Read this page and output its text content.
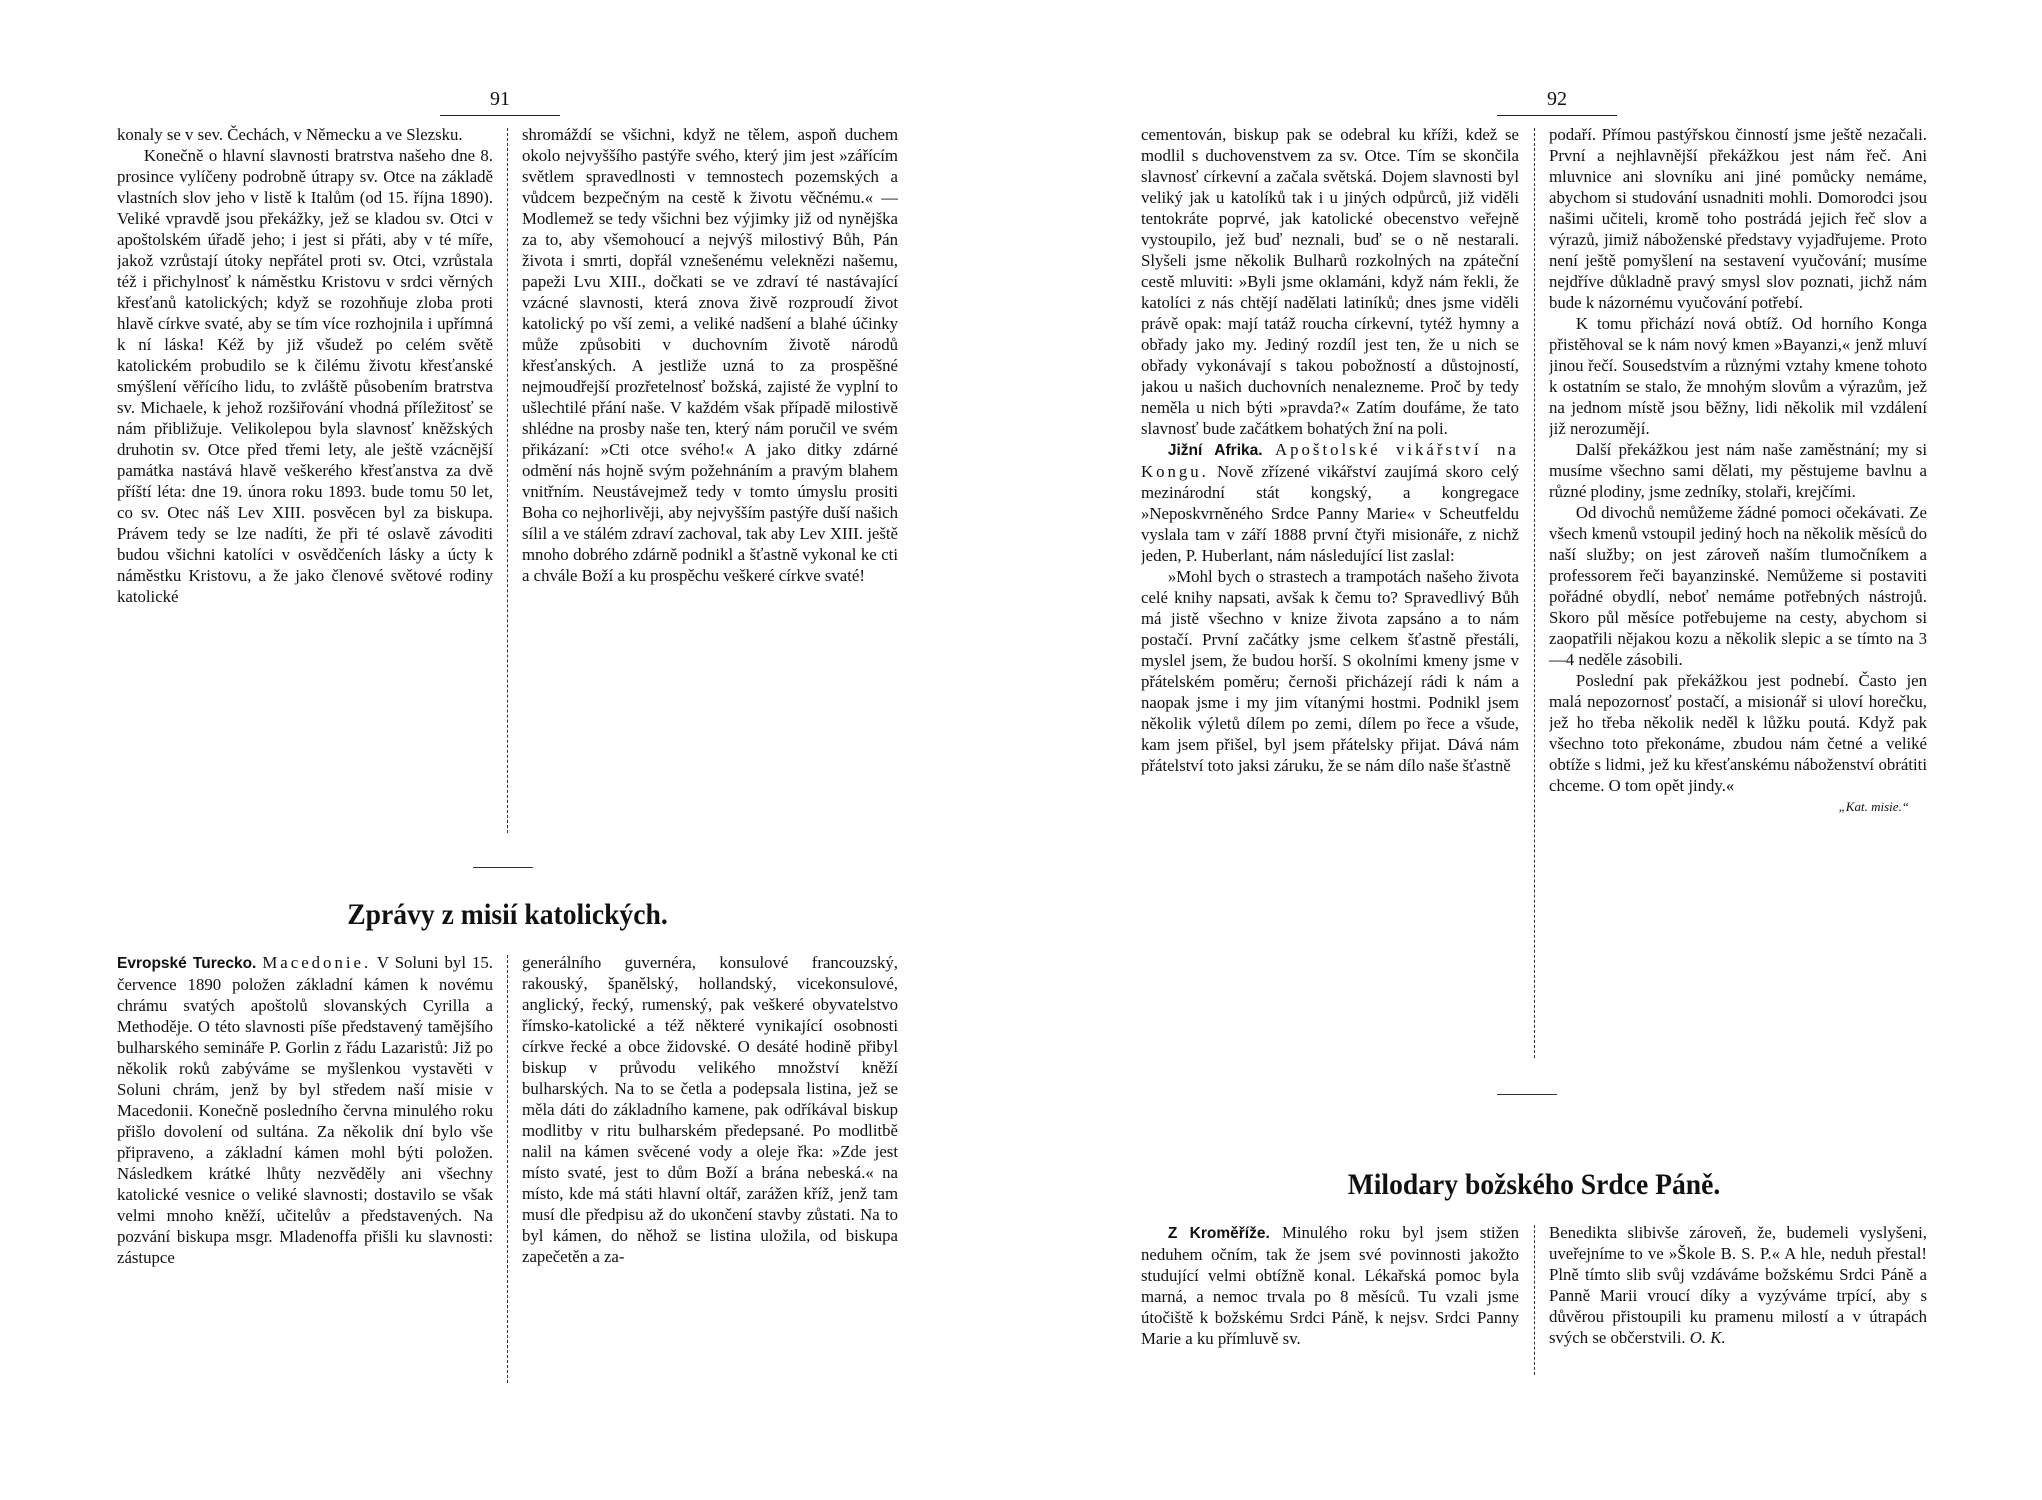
91

konaly se v sev. Čechách, v Německu a ve Slezsku.

Konečně o hlavní slavnosti bratrstva našeho dne 8. prosince vylíčeny podrobně útrapy sv. Otce na základě vlastních slov jeho v listě k Italům (od 15. října 1890). Veliké vpravdě jsou překážky, jež se kladou sv. Otci v apoštolském úřadě jeho; i jest si přáti, aby v té míře, jakož vzrůstají útoky nepřátel proti sv. Otci, vzrůstala též i přichylnosť k náměstku Kristovu v srdci věrných křesťanů katolických; když se rozohňuje zloba proti hlavě církve svaté, aby se tím více rozhojnila i upřímná k ní láska! Kéž by již všudež po celém světě katolickém probudilo se k čilému životu křesťanské smýšlení věřícího lidu, to zvláště působením bratrstva sv. Michaele, k jehož rozšiřování vhodná příležitosť se nám přibližuje. Velikolepou byla slavnosť kněžských druhotin sv. Otce před třemi lety, ale ještě vzácnější památka nastává hlavě veškerého křesťanstva za dvě příští léta: dne 19. února roku 1893. bude tomu 50 let, co sv. Otec náš Lev XIII. posvěcen byl za biskupa. Právem tedy se lze nadíti, že při té oslavě závoditi budou všichni katolíci v osvědčeních lásky a úcty k náměstku Kristovu, a že jako členové světové rodiny katolické

shromáždí se všichni, když ne tělem, aspoň duchem okolo nejvyššího pastýře svého, který jim jest »zářícím světlem spravedlnosti v temnostech pozemských a vůdcem bezpečným na cestě k životu věčnému.« — Modlemež se tedy všichni bez výjimky již od nynějška za to, aby všemohoucí a nejvýš milostivý Bůh, Pán života i smrti, dopřál vznešenému veleknězi našemu, papeži Lvu XIII., dočkati se ve zdraví té nastávající vzácné slavnosti, která znova živě rozproudí život katolický po vší zemi, a veliké nadšení a blahé účinky může způsobiti v duchovním životě národů křesťanských. A jestliže uzná to za prospěšné nejmoudřejší prozřetelnosť božská, zajisté že vyplní to ušlechtilé přání naše. V každém však případě milostivě shlédne na prosby naše ten, který nám poručil ve svém přikázaní: »Cti otce svého!« A jako ditky zdárné odmění nás hojně svým požehnáním a pravým blahem vnitřním. Neustávejmež tedy v tomto úmyslu prositi Boha co nejhorlivěji, aby nejvyšším pastýře duší našich sílil a ve stálém zdraví zachoval, tak aby Lev XIII. ještě mnoho dobrého zdárně podnikl a šťastně vykonal ke cti a chvále Boží a ku prospěchu veškeré církve svaté!

Zprávy z misií katolických.

Evropské Turecko. Macedonie. V Soluni byl 15. července 1890 položen základní kámen k novému chrámu svatých apoštolů slovanských Cyrilla a Methoděje. O této slavnosti píše představený tamějšího bulharského semináře P. Gorlin z řádu Lazaristů: Již po několik roků zabýváme se myšlenkou vystavěti v Soluni chrám, jenž by byl středem naší misie v Macedonii. Konečně posledního června minulého roku přišlo dovolení od sultána. Za několik dní bylo vše připraveno, a základní kámen mohl býti položen. Následkem krátké lhůty nezvěděly ani všechny katolické vesnice o veliké slavnosti; dostavilo se však velmi mnoho kněží, učitelův a představených. Na pozvání biskupa msgr. Mladenoffa přišli ku slavnosti: zástupce

generálního guvernéra, konsulové francouzský, rakouský, španělský, hollandský, vicekonsulové, anglický, řecký, rumenský, pak veškeré obyvatelstvo římsko-katolické a též některé vynikající osobnosti církve řecké a obce židovské. O desáté hodině přibyl biskup v průvodu velikého množství kněží bulharských. Na to se četla a podepsala listina, jež se měla dáti do základního kamene, pak odříkával biskup modlitby v ritu bulharském předepsané. Po modlitbě nalil na kámen svěcené vody a oleje řka: »Zde jest místo svaté, jest to dům Boží a brána nebeská.« na místo, kde má státi hlavní oltář, zarážen kříž, jenž tam musí dle předpisu až do ukončení stavby zůstati. Na to byl kámen, do něhož se listina uložila, od biskupa zapečetěn a za-

92

cementován, biskup pak se odebral ku kříži, kdež se modlil s duchovenstvem za sv. Otce. Tím se skončila slavnosť církevní a začala světská. Dojem slavnosti byl veliký jak u katolíků tak i u jiných odpůrců, již viděli tentokráte poprvé, jak katolické obecenstvo veřejně vystoupilo, jež buď neznali, buď se o ně nestarali. Slyšeli jsme několik Bulharů rozkolných na zpáteční cestě mluviti: »Byli jsme oklamáni, když nám řekli, že katolíci z nás chtějí nadělati latiníků; dnes jsme viděli právě opak: mají tatáž roucha církevní, tytéž hymny a obřady jako my. Jediný rozdíl jest ten, že u nich se obřady vykonávají s takou pobožností a důstojností, jakou u našich duchovních nenalezneme. Proč by tedy neměla u nich býti »pravda?« Zatím doufáme, že tato slavnosť bude začátkem bohatých žní na poli.

Jižní Afrika. Apoštolské vikářství na Kongu. Nově zřízené vikářství zaujímá skoro celý mezinárodní stát kongský, a kongregace »Neposkvrněného Srdce Panny Marie« v Scheutfeldu vyslala tam v září 1888 první čtyři misionáře, z nichž jeden, P. Huberlant, nám následující list zaslal:

»Mohl bych o strastech a trampotách našeho života celé knihy napsati, avšak k čemu to? Spravedlivý Bůh má jistě všechno v knize života zapsáno a to nám postačí. První začátky jsme celkem šťastně přestáli, myslel jsem, že budou horší. S okolními kmeny jsme v přátelském poměru; černoši přicházejí rádi k nám a naopak jsme i my jim vítanými hostmi. Podnikl jsem několik výletů dílem po zemi, dílem po řece a všude, kam jsem přišel, byl jsem přátelsky přijat. Dává nám přátelství toto jaksi záruku, že se nám dílo naše šťastně

podaří. Přímou pastýřskou činností jsme ještě nezačali. První a nejhlavnější překážkou jest nám řeč. Ani mluvnice ani slovníku ani jiné pomůcky nemáme, abychom si studování usnadniti mohli. Domorodci jsou našimi učiteli, kromě toho postrádá jejich řeč slov a výrazů, jimiž náboženské představy vyjadřujeme. Proto není ještě pomyšlení na sestavení vyučování; musíme nejdříve důkladně pravý smysl slov poznati, jichž nám bude k názornému vyučování potřebí.

K tomu přichází nová obtíž. Od horního Konga přistěhoval se k nám nový kmen »Bayanzi,« jenž mluví jinou řečí. Sousedstvím a různými vztahy kmene tohoto k ostatním se stalo, že mnohým slovům a výrazům, jež na jednom místě jsou běžny, lidi několik mil vzdálení již nerozumějí.

Další překážkou jest nám naše zaměstnání; my si musíme všechno sami dělati, my pěstujeme bavlnu a různé plodiny, jsme zedníky, stolaři, krejčími.

Od divochů nemůžeme žádné pomoci očekávati. Ze všech kmenů vstoupil jediný hoch na několik měsíců do naší služby; on jest zároveň naším tlumočníkem a professorem řeči bayanzinské. Nemůžeme si postaviti pořádné obydlí, neboť nemáme potřebných nástrojů. Skoro půl měsíce potřebujeme na cesty, abychom si zaopatřili nějakou kozu a několik slepic a se tímto na 3—4 neděle zásobili.

Poslední pak překážkou jest podnebí. Často jen malá nepozornosť postačí, a misionář si uloví horečku, jež ho třeba několik neděl k lůžku poutá. Když pak všechno toto překonáme, zbudou nám četné a veliké obtíže s lidmi, jež ku křesťanskému náboženství obrátiti chceme. O tom opět jindy.«

„Kat. misie.“
Milodary božského Srdce Páně.

Z Kroměříže. Minulého roku byl jsem stižen neduhem očním, tak že jsem své povinnosti jakožto studující velmi obtížně konal. Lékařská pomoc byla marná, a nemoc trvala po 8 měsíců. Tu vzali jsme útočiště k božskému Srdci Páně, k nejsv. Srdci Panny Marie a ku přímluvě sv.

Benedikta slibivše zároveň, že, budemeli vyslyšeni, uveřejníme to ve »Škole B. S. P.« A hle, neduh přestal! Plně tímto slib svůj vzdáváme božskému Srdci Páně a Panně Marii vroucí díky a vyzýváme trpící, aby s důvěrou přistoupili ku pramenu milostí a v útrapách svých se občerstvili. O. K.
